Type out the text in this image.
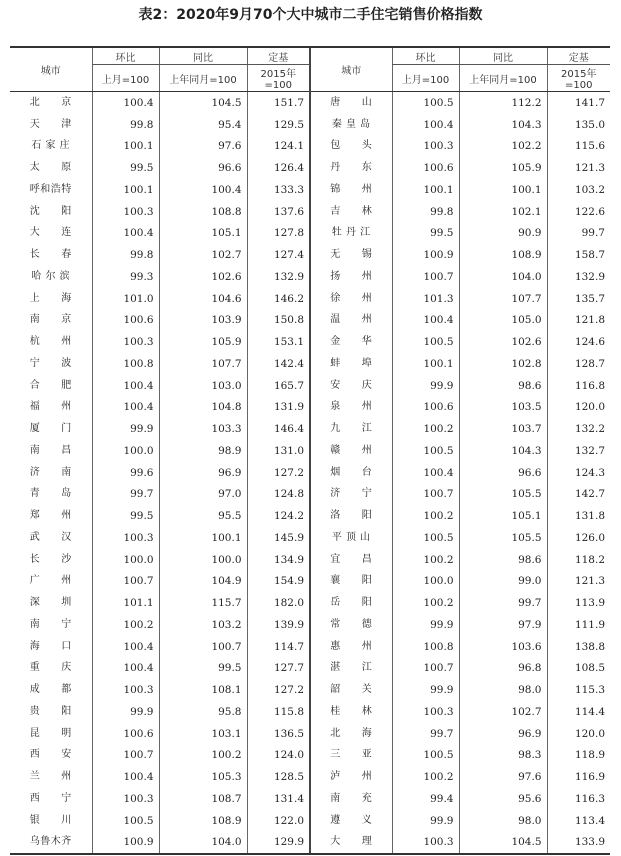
表2：2020年9月70个大中城市二手住宅销售价格指数
城市	环比	同比	定基	城市	环比	同比	定基
	上月=100	上年同月=100	2015年=100		上月=100	上年同月=100	2015年=100
北　　京	100.4	104.5	151.7	唐　　山	100.5	112.2	141.7
天　　津	99.8	95.4	129.5	秦 皇 岛	100.4	104.3	135.0
石 家 庄	100.1	97.6	124.1	包　　头	100.3	102.2	115.6
太　　原	99.5	96.6	126.4	丹　　东	100.6	105.9	121.3
呼和浩特	100.1	100.4	133.3	锦　　州	100.1	100.1	103.2
沈　　阳	100.3	108.8	137.6	吉　　林	99.8	102.1	122.6
大　　连	100.4	105.1	127.8	牡 丹 江	99.5	90.9	99.7
长　　春	99.8	102.7	127.4	无　　锡	100.9	108.9	158.7
哈 尔 滨	99.3	102.6	132.9	扬　　州	100.7	104.0	132.9
上　　海	101.0	104.6	146.2	徐　　州	101.3	107.7	135.7
南　　京	100.6	103.9	150.8	温　　州	100.4	105.0	121.8
杭　　州	100.3	105.9	153.1	金　　华	100.5	102.6	124.6
宁　　波	100.8	107.7	142.4	蚌　　埠	100.1	102.8	128.7
合　　肥	100.4	103.0	165.7	安　　庆	99.9	98.6	116.8
福　　州	100.4	104.8	131.9	泉　　州	100.6	103.5	120.0
厦　　门	99.9	103.3	146.4	九　　江	100.2	103.7	132.2
南　　昌	100.0	98.9	131.0	赣　　州	100.5	104.3	132.7
济　　南	99.6	96.9	127.2	烟　　台	100.4	96.6	124.3
青　　岛	99.7	97.0	124.8	济　　宁	100.7	105.5	142.7
郑　　州	99.5	95.5	124.2	洛　　阳	100.2	105.1	131.8
武　　汉	100.3	100.1	145.9	平 顶 山	100.5	105.5	126.0
长　　沙	100.0	100.0	134.9	宜　　昌	100.2	98.6	118.2
广　　州	100.7	104.9	154.9	襄　　阳	100.0	99.0	121.3
深　　圳	101.1	115.7	182.0	岳　　阳	100.2	99.7	113.9
南　　宁	100.2	103.2	139.9	常　　德	99.9	97.9	111.9
海　　口	100.4	100.7	114.7	惠　　州	100.8	103.6	138.8
重　　庆	100.4	99.5	127.7	湛　　江	100.7	96.8	108.5
成　　都	100.3	108.1	127.2	韶　　关	99.9	98.0	115.3
贵　　阳	99.9	95.8	115.8	桂　　林	100.3	102.7	114.4
昆　　明	100.6	103.1	136.5	北　　海	99.7	96.9	120.0
西　　安	100.7	100.2	124.0	三　　亚	100.5	98.3	118.9
兰　　州	100.4	105.3	128.5	泸　　州	100.2	97.6	116.9
西　　宁	100.3	108.7	131.4	南　　充	99.4	95.6	116.3
银　　川	100.5	108.9	122.0	遵　　义	99.9	98.0	113.4
乌鲁木齐	100.9	104.0	129.9	大　　理	100.3	104.5	133.9
